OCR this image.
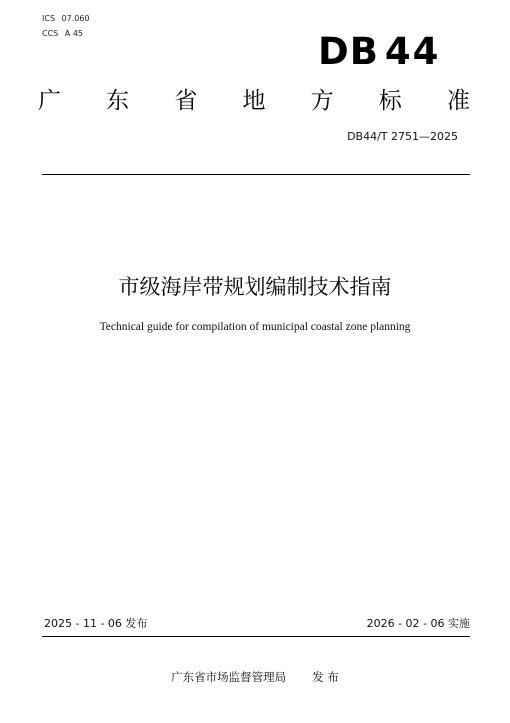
ICS 07.060
CCS A 45	DB 44
广 东 省 地 方 标 准
DB44/T 2751—2025
市级海岸带规划编制技术指南
Technical guide for compilation of municipal coastal zone planning
2025 - 11 - 06 发布	2026 - 02 - 06 实施
广东省市场监督管理局 发 布
